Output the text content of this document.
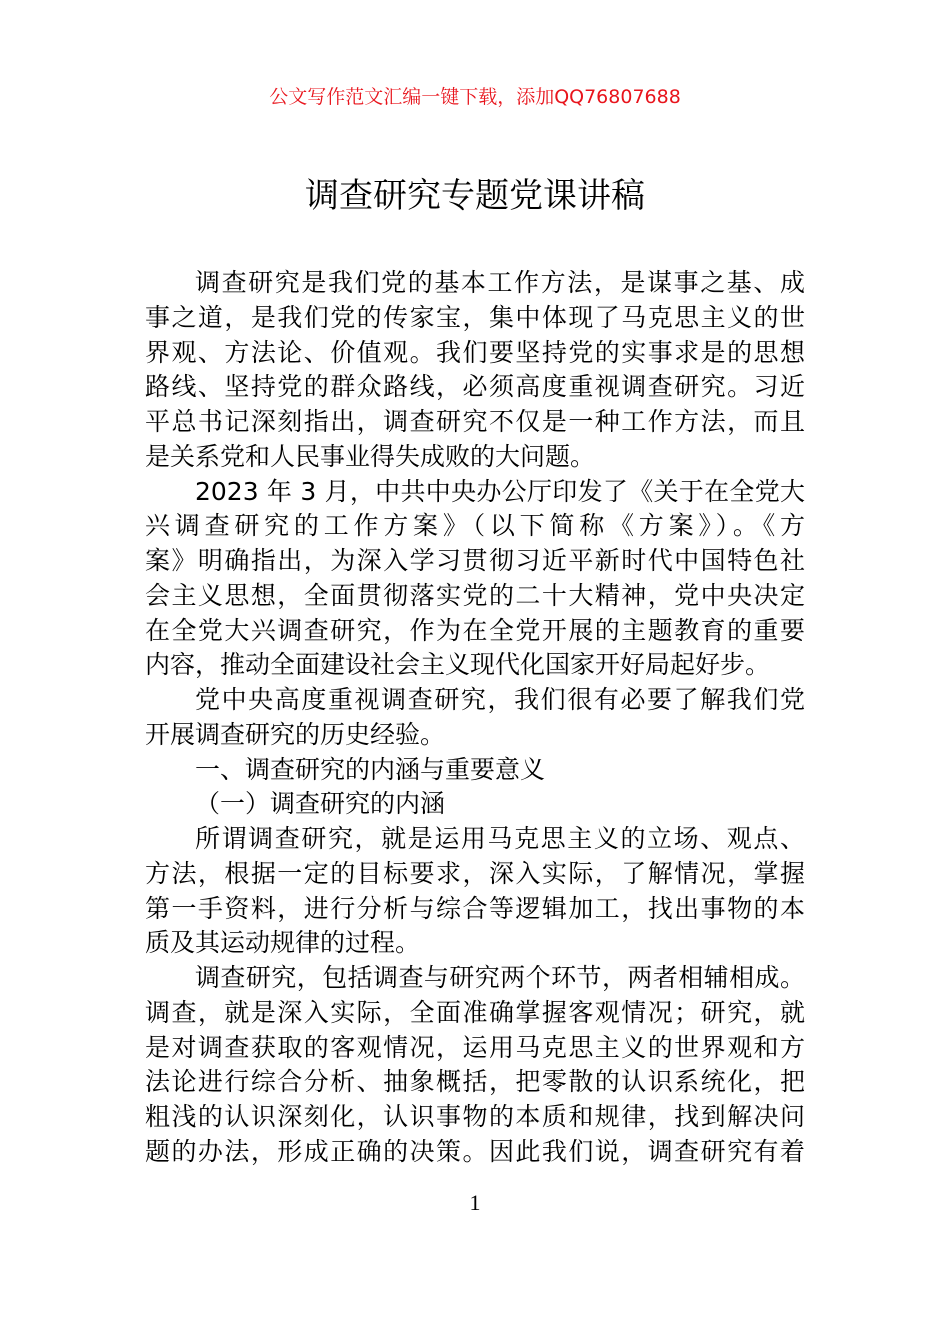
公文写作范文汇编一键下载，添加QQ76807688
调查研究专题党课讲稿
调查研究是我们党的基本工作方法，是谋事之基、成
事之道，是我们党的传家宝，集中体现了马克思主义的世
界观、方法论、价值观。我们要坚持党的实事求是的思想
路线、坚持党的群众路线，必须高度重视调查研究。习近
平总书记深刻指出，调查研究不仅是一种工作方法，而且
是关系党和人民事业得失成败的大问题。
2023 年 3 月，中共中央办公厅印发了《关于在全党大
兴调查研究的工作方案》（以下简称《方案》）。《方
案》明确指出，为深入学习贯彻习近平新时代中国特色社
会主义思想，全面贯彻落实党的二十大精神，党中央决定
在全党大兴调查研究，作为在全党开展的主题教育的重要
内容，推动全面建设社会主义现代化国家开好局起好步。
党中央高度重视调查研究，我们很有必要了解我们党
开展调查研究的历史经验。
一、调查研究的内涵与重要意义
（一）调查研究的内涵
所谓调查研究，就是运用马克思主义的立场、观点、
方法，根据一定的目标要求，深入实际，了解情况，掌握
第一手资料，进行分析与综合等逻辑加工，找出事物的本
质及其运动规律的过程。
调查研究，包括调查与研究两个环节，两者相辅相成。
调查，就是深入实际，全面准确掌握客观情况；研究，就
是对调查获取的客观情况，运用马克思主义的世界观和方
法论进行综合分析、抽象概括，把零散的认识系统化，把
粗浅的认识深刻化，认识事物的本质和规律，找到解决问
题的办法，形成正确的决策。因此我们说，调查研究有着
1
